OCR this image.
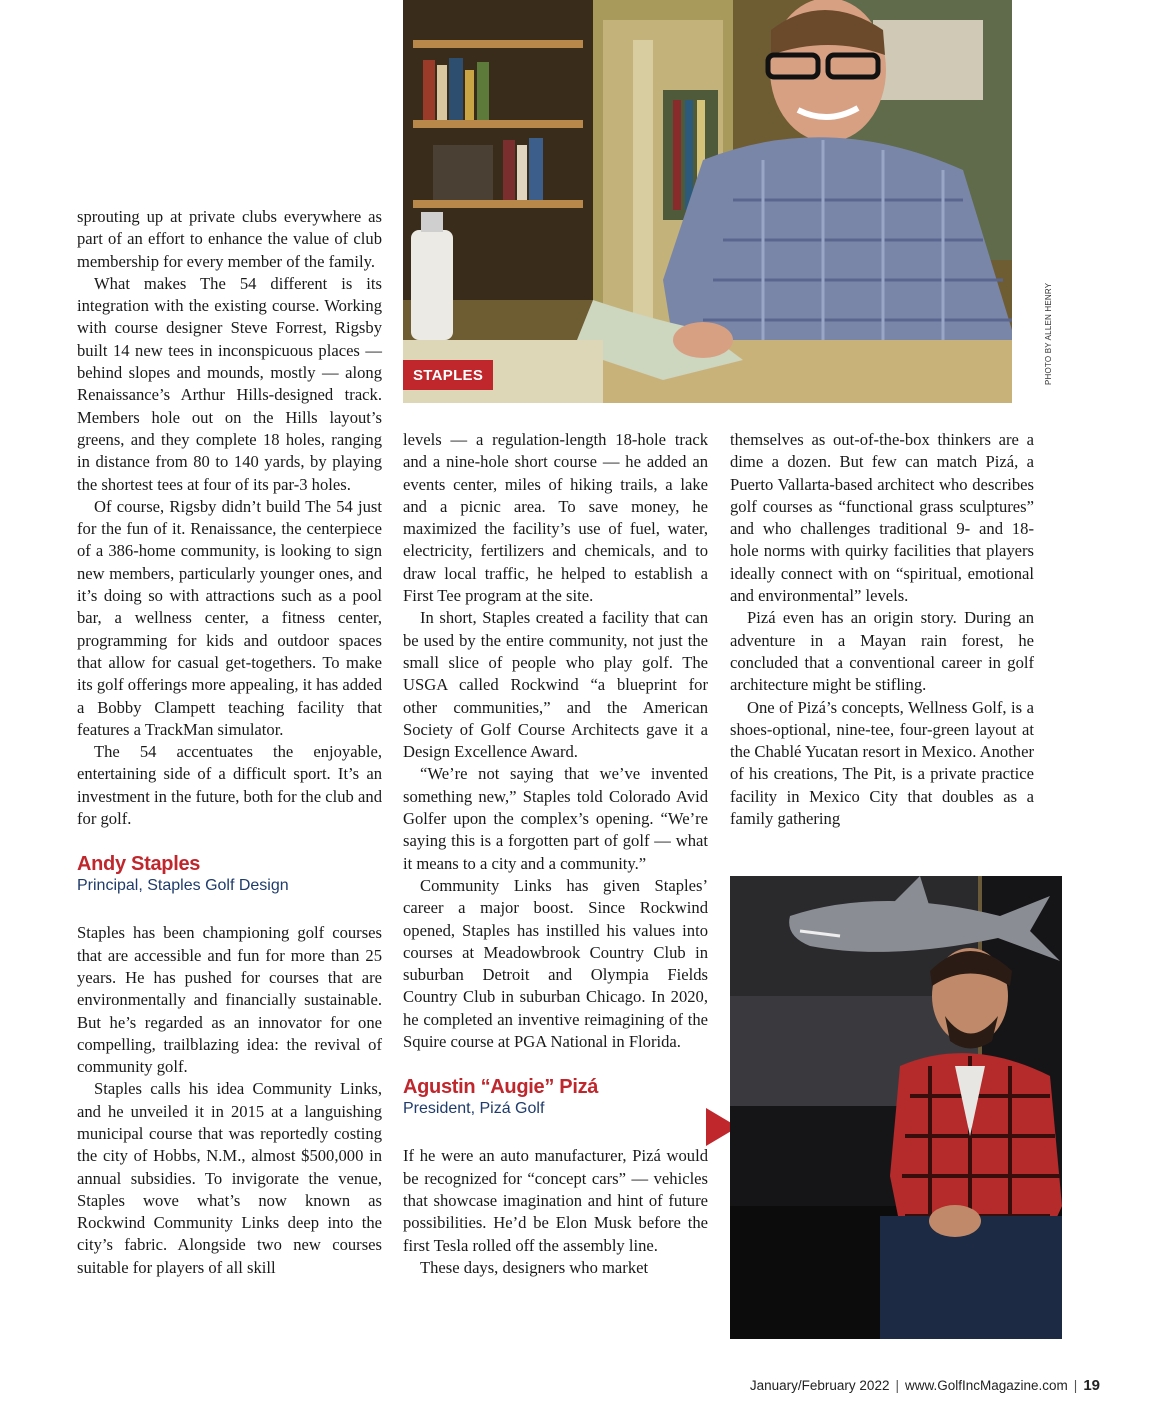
STAPLES	PHOTO BY ALLEN HENRY

sprouting up at private clubs everywhere as part of an effort to enhance the value of club membership for every member of the family.

What makes The 54 different is its integration with the existing course. Working with course designer Steve Forrest, Rigsby built 14 new tees in inconspicuous places — behind slopes and mounds, mostly — along Renaissance’s Arthur Hills-designed track. Members hole out on the Hills layout’s greens, and they complete 18 holes, ranging in distance from 80 to 140 yards, by playing the shortest tees at four of its par-3 holes.

Of course, Rigsby didn’t build The 54 just for the fun of it. Renaissance, the centerpiece of a 386-home community, is looking to sign new members, particularly younger ones, and it’s doing so with attractions such as a pool bar, a wellness center, a fitness center, programming for kids and outdoor spaces that allow for casual get-togethers. To make its golf offerings more appealing, it has added a Bobby Clampett teaching facility that features a TrackMan simulator.

The 54 accentuates the enjoyable, entertaining side of a difficult sport. It’s an investment in the future, both for the club and for golf.

Andy Staples
Principal, Staples Golf Design

Staples has been championing golf courses that are accessible and fun for more than 25 years. He has pushed for courses that are environmentally and financially sustainable. But he’s regarded as an innovator for one compelling, trailblazing idea: the revival of community golf.

Staples calls his idea Community Links, and he unveiled it in 2015 at a languishing municipal course that was reportedly costing the city of Hobbs, N.M., almost $500,000 in annual subsidies. To invigorate the venue, Staples wove what’s now known as Rockwind Community Links deep into the city’s fabric. Alongside two new courses suitable for players of all skill

levels — a regulation-length 18-hole track and a nine-hole short course — he added an events center, miles of hiking trails, a lake and a picnic area. To save money, he maximized the facility’s use of fuel, water, electricity, fertilizers and chemicals, and to draw local traffic, he helped to establish a First Tee program at the site.

In short, Staples created a facility that can be used by the entire community, not just the small slice of people who play golf. The USGA called Rockwind “a blueprint for other communities,” and the American Society of Golf Course Architects gave it a Design Excellence Award.

“We’re not saying that we’ve invented something new,” Staples told Colorado Avid Golfer upon the complex’s opening. “We’re saying this is a forgotten part of golf — what it means to a city and a community.”

Community Links has given Staples’ career a major boost. Since Rockwind opened, Staples has instilled his values into courses at Meadowbrook Country Club in suburban Detroit and Olympia Fields Country Club in suburban Chicago. In 2020, he completed an inventive reimagining of the Squire course at PGA National in Florida.

Agustin “Augie” Pizá
President, Pizá Golf

If he were an auto manufacturer, Pizá would be recognized for “concept cars” — vehicles that showcase imagination and hint of future possibilities. He’d be Elon Musk before the first Tesla rolled off the assembly line.

These days, designers who market

themselves as out-of-the-box thinkers are a dime a dozen. But few can match Pizá, a Puerto Vallarta-based architect who describes golf courses as “functional grass sculptures” and who challenges traditional 9- and 18-hole norms with quirky facilities that players ideally connect with on “spiritual, emotional and environmental” levels.

Pizá even has an origin story. During an adventure in a Mayan rain forest, he concluded that a conventional career in golf architecture might be stifling.

One of Pizá’s concepts, Wellness Golf, is a shoes-optional, nine-tee, four-green layout at the Chablé Yucatan resort in Mexico. Another of his creations, The Pit, is a private practice facility in Mexico City that doubles as a family gathering

January/February 2022 | www.GolfIncMagazine.com | 19
